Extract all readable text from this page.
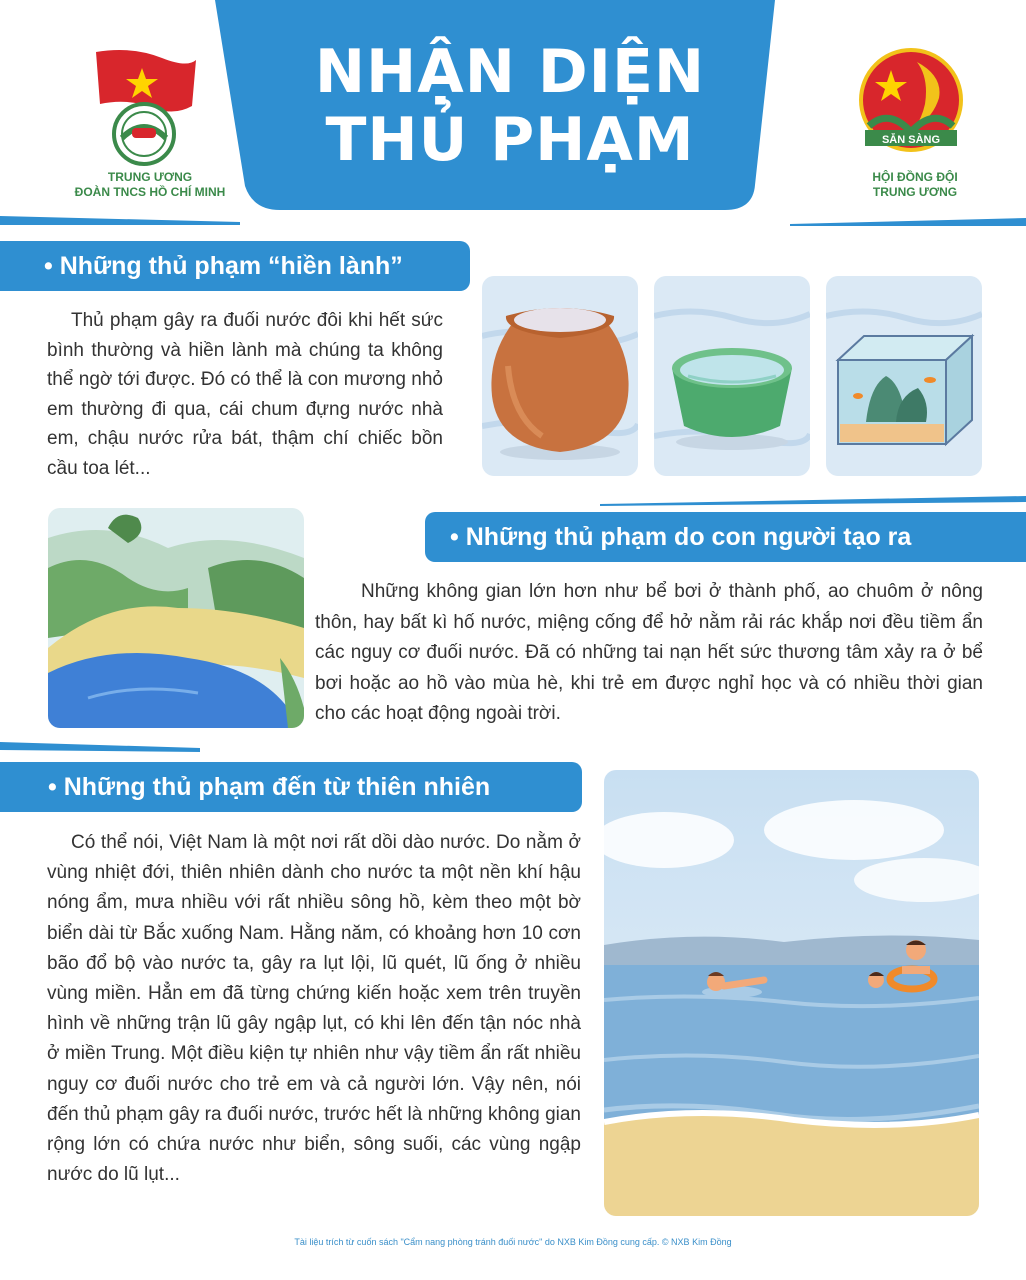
NHẬN DIỆN
THỦ PHẠM
TRUNG ƯƠNG
ĐOÀN TNCS HỒ CHÍ MINH
SẴN SÀNG
HỘI ĐỒNG ĐỘI
TRUNG ƯƠNG
• Những thủ phạm “hiền lành”
Thủ phạm gây ra đuối nước đôi khi hết sức bình thường và hiền lành mà chúng ta không thể ngờ tới được. Đó có thể là con mương nhỏ em thường đi qua, cái chum đựng nước nhà em, chậu nước rửa bát, thậm chí chiếc bồn cầu toa lét...
• Những thủ phạm do con người tạo ra
Những không gian lớn hơn như bể bơi ở thành phố, ao chuôm ở nông thôn, hay bất kì hố nước, miệng cống để hở nằm rải rác khắp nơi đều tiềm ẩn các nguy cơ đuối nước. Đã có những tai nạn hết sức thương tâm xảy ra ở bể bơi hoặc ao hồ vào mùa hè, khi trẻ em được nghỉ học và có nhiều thời gian cho các hoạt động ngoài trời.
• Những thủ phạm đến từ thiên nhiên
Có thể nói, Việt Nam là một nơi rất dồi dào nước. Do nằm ở vùng nhiệt đới, thiên nhiên dành cho nước ta một nền khí hậu nóng ẩm, mưa nhiều với rất nhiều sông hồ, kèm theo một bờ biển dài từ Bắc xuống Nam. Hằng năm, có khoảng hơn 10 cơn bão đổ bộ vào nước ta, gây ra lụt lội, lũ quét, lũ ống ở nhiều vùng miền. Hẳn em đã từng chứng kiến hoặc xem trên truyền hình về những trận lũ gây ngập lụt, có khi lên đến tận nóc nhà ở miền Trung. Một điều kiện tự nhiên như vậy tiềm ẩn rất nhiều nguy cơ đuối nước cho trẻ em và cả người lớn. Vậy nên, nói đến thủ phạm gây ra đuối nước, trước hết là những không gian rộng lớn có chứa nước như biển, sông suối, các vùng ngập nước do lũ lụt...
Tài liệu trích từ cuốn sách "Cẩm nang phòng tránh đuối nước" do NXB Kim Đồng cung cấp. © NXB Kim Đồng
